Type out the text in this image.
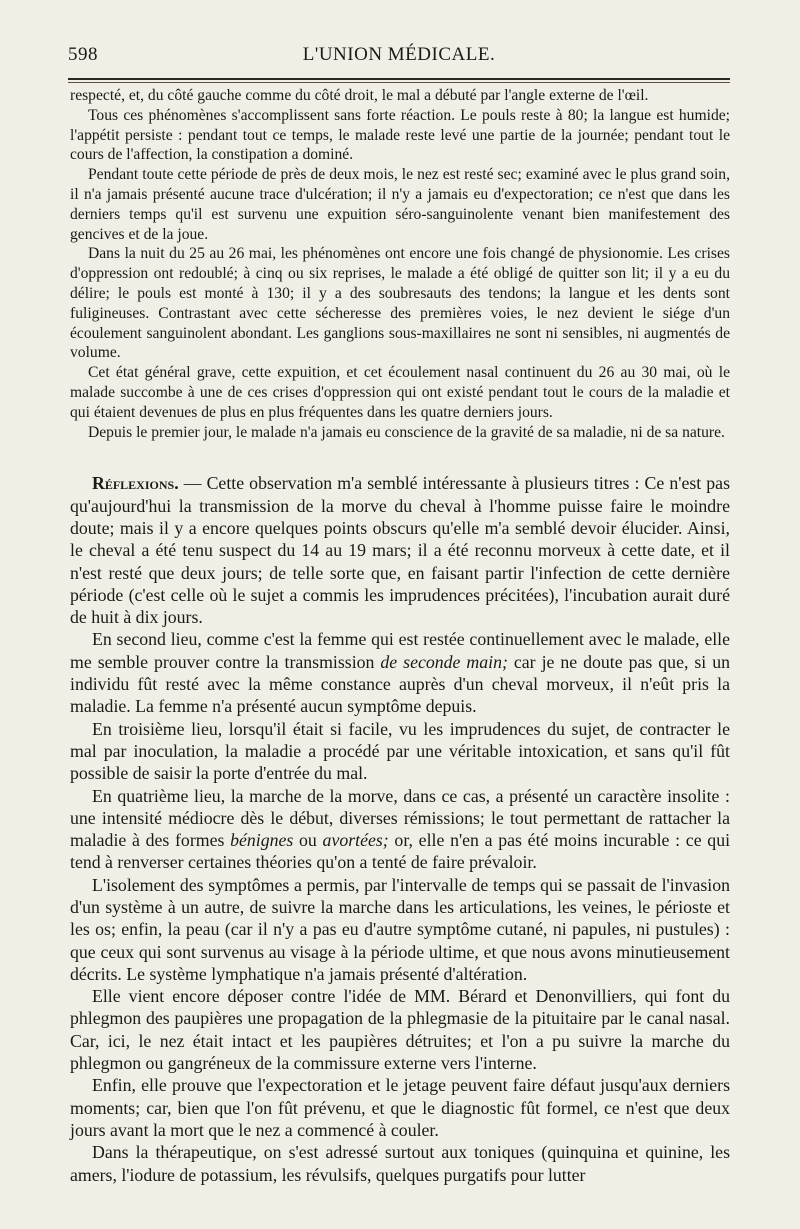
598	L'UNION MÉDICALE.

respecté, et, du côté gauche comme du côté droit, le mal a débuté par l'angle externe de l'œil.

Tous ces phénomènes s'accomplissent sans forte réaction. Le pouls reste à 80; la langue est humide; l'appétit persiste : pendant tout ce temps, le malade reste levé une partie de la journée; pendant tout le cours de l'affection, la constipation a dominé.

Pendant toute cette période de près de deux mois, le nez est resté sec; examiné avec le plus grand soin, il n'a jamais présenté aucune trace d'ulcération; il n'y a jamais eu d'expectoration; ce n'est que dans les derniers temps qu'il est survenu une expuition séro-sanguinolente venant bien manifestement des gencives et de la joue.

Dans la nuit du 25 au 26 mai, les phénomènes ont encore une fois changé de physionomie. Les crises d'oppression ont redoublé; à cinq ou six reprises, le malade a été obligé de quitter son lit; il y a eu du délire; le pouls est monté à 130; il y a des soubresauts des tendons; la langue et les dents sont fuligineuses. Contrastant avec cette sécheresse des premières voies, le nez devient le siége d'un écoulement sanguinolent abondant. Les ganglions sous-maxillaires ne sont ni sensibles, ni augmentés de volume.

Cet état général grave, cette expuition, et cet écoulement nasal continuent du 26 au 30 mai, où le malade succombe à une de ces crises d'oppression qui ont existé pendant tout le cours de la maladie et qui étaient devenues de plus en plus fréquentes dans les quatre derniers jours.

Depuis le premier jour, le malade n'a jamais eu conscience de la gravité de sa maladie, ni de sa nature.

Réflexions. — Cette observation m'a semblé intéressante à plusieurs titres : Ce n'est pas qu'aujourd'hui la transmission de la morve du cheval à l'homme puisse faire le moindre doute; mais il y a encore quelques points obscurs qu'elle m'a semblé devoir élucider. Ainsi, le cheval a été tenu suspect du 14 au 19 mars; il a été reconnu morveux à cette date, et il n'est resté que deux jours; de telle sorte que, en faisant partir l'infection de cette dernière période (c'est celle où le sujet a commis les imprudences précitées), l'incubation aurait duré de huit à dix jours.

En second lieu, comme c'est la femme qui est restée continuellement avec le malade, elle me semble prouver contre la transmission de seconde main; car je ne doute pas que, si un individu fût resté avec la même constance auprès d'un cheval morveux, il n'eût pris la maladie. La femme n'a présenté aucun symptôme depuis.

En troisième lieu, lorsqu'il était si facile, vu les imprudences du sujet, de contracter le mal par inoculation, la maladie a procédé par une véritable intoxication, et sans qu'il fût possible de saisir la porte d'entrée du mal.

En quatrième lieu, la marche de la morve, dans ce cas, a présenté un caractère insolite : une intensité médiocre dès le début, diverses rémissions; le tout permettant de rattacher la maladie à des formes bénignes ou avortées; or, elle n'en a pas été moins incurable : ce qui tend à renverser certaines théories qu'on a tenté de faire prévaloir.

L'isolement des symptômes a permis, par l'intervalle de temps qui se passait de l'invasion d'un système à un autre, de suivre la marche dans les articulations, les veines, le périoste et les os; enfin, la peau (car il n'y a pas eu d'autre symptôme cutané, ni papules, ni pustules) : que ceux qui sont survenus au visage à la période ultime, et que nous avons minutieusement décrits. Le système lymphatique n'a jamais présenté d'altération.

Elle vient encore déposer contre l'idée de MM. Bérard et Denonvilliers, qui font du phlegmon des paupières une propagation de la phlegmasie de la pituitaire par le canal nasal. Car, ici, le nez était intact et les paupières détruites; et l'on a pu suivre la marche du phlegmon ou gangréneux de la commissure externe vers l'interne.

Enfin, elle prouve que l'expectoration et le jetage peuvent faire défaut jusqu'aux derniers moments; car, bien que l'on fût prévenu, et que le diagnostic fût formel, ce n'est que deux jours avant la mort que le nez a commencé à couler.

Dans la thérapeutique, on s'est adressé surtout aux toniques (quinquina et quinine, les amers, l'iodure de potassium, les révulsifs, quelques purgatifs pour lutter
